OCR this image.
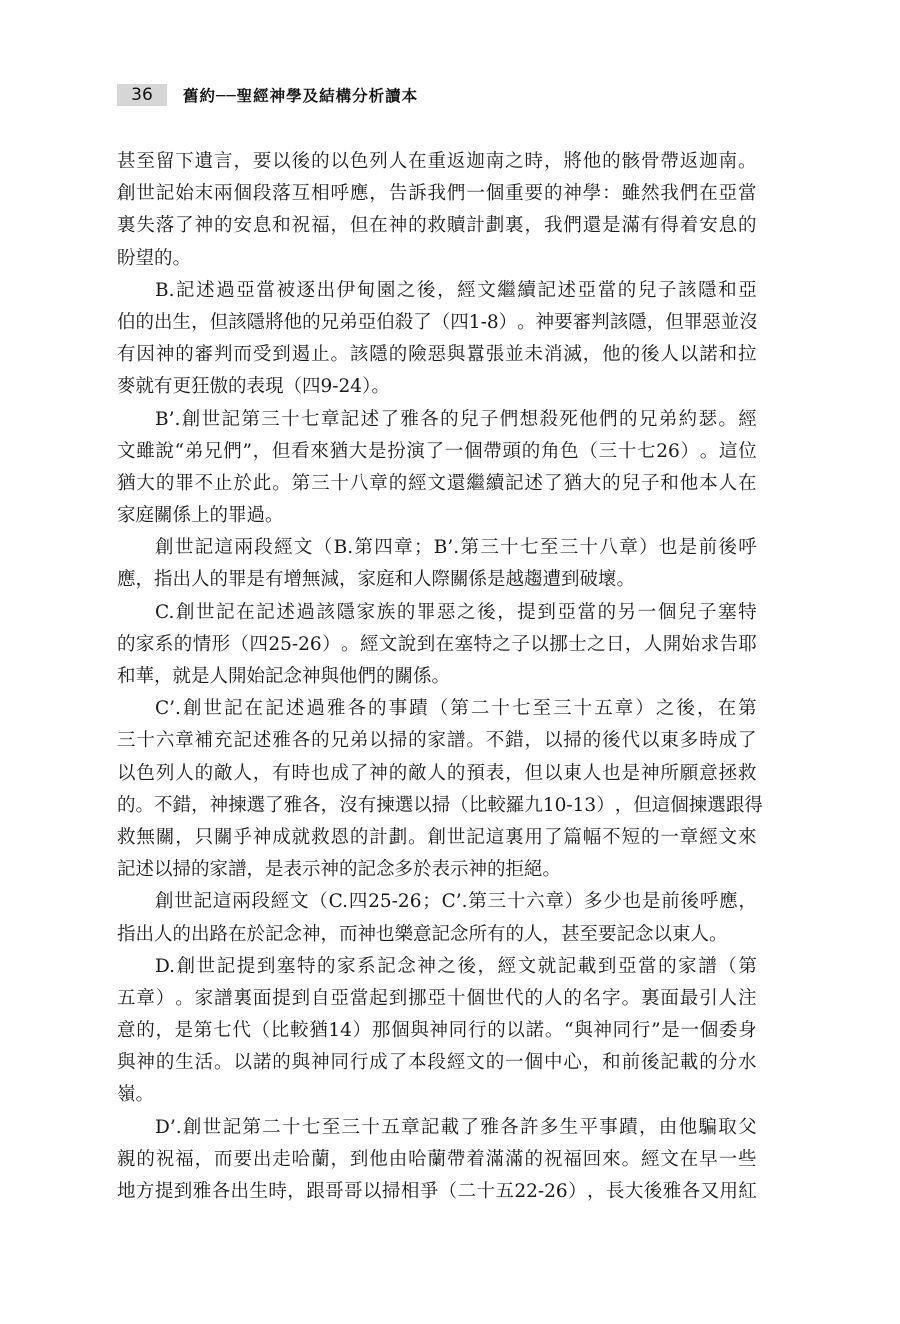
36	舊約──聖經神學及結構分析讀本
甚 至 留 下 遺 言 ， 要 以 後 的 以 色 列 人 在 重 返 迦 南 之 時 ， 將 他 的 骸 骨 帶 返 迦 南 。
創 世 記 始 末 兩 個 段 落 互 相 呼 應 ， 告 訴 我 們 一 個 重 要 的 神 學 ： 雖 然 我 們 在 亞 當
裏 失 落 了 神 的 安 息 和 祝 福 ， 但 在 神 的 救 贖 計 劃 裏 ， 我 們 還 是 滿 有 得 着 安 息 的
盼望的。
B. 記 述 過 亞 當 被 逐 出 伊 甸 園 之 後 ， 經 文 繼 續 記 述 亞 當 的 兒 子 該 隱 和 亞
伯 的 出 生 ， 但 該 隱 將 他 的 兄 弟 亞 伯 殺 了 （ 四 1-8 ） 。 神 要 審 判 該 隱 ， 但 罪 惡 並 沒
有 因 神 的 審 判 而 受 到 遏 止 。 該 隱 的 險 惡 與 囂 張 並 未 消 滅 ， 他 的 後 人 以 諾 和 拉
麥就有更狂傲的表現（四9-24）。
B’. 創 世 記 第 三 十 七 章 記 述 了 雅 各 的 兒 子 們 想 殺 死 他 們 的 兄 弟 約 瑟 。 經
文 雖 說 “ 弟 兄 們 ” ， 但 看 來 猶 大 是 扮 演 了 一 個 帶 頭 的 角 色 （ 三 十 七 26 ） 。 這 位
猶 大 的 罪 不 止 於 此 。 第 三 十 八 章 的 經 文 還 繼 續 記 述 了 猶 大 的 兒 子 和 他 本 人 在
家庭關係上的罪過。
創 世 記 這 兩 段 經 文 （ B. 第 四 章 ； B’. 第 三 十 七 至 三 十 八 章 ） 也 是 前 後 呼
應，指出人的罪是有增無減，家庭和人際關係是越趨遭到破壞。
C. 創 世 記 在 記 述 過 該 隱 家 族 的 罪 惡 之 後 ， 提 到 亞 當 的 另 一 個 兒 子 塞 特
的 家 系 的 情 形 （ 四 25-26 ） 。 經 文 說 到 在 塞 特 之 子 以 挪 士 之 日 ， 人 開 始 求 告 耶
和華，就是人開始記念神與他們的關係。
C’. 創 世 記 在 記 述 過 雅 各 的 事 蹟 （ 第 二 十 七 至 三 十 五 章 ） 之 後 ， 在 第
三 十 六 章 補 充 記 述 雅 各 的 兄 弟 以 掃 的 家 譜 。 不 錯 ， 以 掃 的 後 代 以 東 多 時 成 了
以 色 列 人 的 敵 人 ， 有 時 也 成 了 神 的 敵 人 的 預 表 ， 但 以 東 人 也 是 神 所 願 意 拯 救
的 。 不 錯 ， 神 揀 選 了 雅 各 ， 沒 有 揀 選 以 掃 （ 比 較 羅 九 10-13 ） ， 但 這 個 揀 選 跟 得
救 無 關 ， 只 關 乎 神 成 就 救 恩 的 計 劃 。 創 世 記 這 裏 用 了 篇 幅 不 短 的 一 章 經 文 來
記述以掃的家譜，是表示神的記念多於表示神的拒絕。
創 世 記 這 兩 段 經 文 （ C. 四 25-26 ； C’. 第 三 十 六 章 ） 多 少 也 是 前 後 呼 應 ，
指出人的出路在於記念神，而神也樂意記念所有的人，甚至要記念以東人。
D. 創 世 記 提 到 塞 特 的 家 系 記 念 神 之 後 ， 經 文 就 記 載 到 亞 當 的 家 譜 （ 第
五 章 ） 。 家 譜 裏 面 提 到 自 亞 當 起 到 挪 亞 十 個 世 代 的 人 的 名 字 。 裏 面 最 引 人 注
意 的 ， 是 第 七 代 （ 比 較 猶 14 ） 那 個 與 神 同 行 的 以 諾 。 “ 與 神 同 行 ” 是 一 個 委 身
與 神 的 生 活 。 以 諾 的 與 神 同 行 成 了 本 段 經 文 的 一 個 中 心 ， 和 前 後 記 載 的 分 水
嶺。
D’. 創 世 記 第 二 十 七 至 三 十 五 章 記 載 了 雅 各 許 多 生 平 事 蹟 ， 由 他 騙 取 父
親 的 祝 福 ， 而 要 出 走 哈 蘭 ， 到 他 由 哈 蘭 帶 着 滿 滿 的 祝 福 回 來 。 經 文 在 早 一 些
地 方 提 到 雅 各 出 生 時 ， 跟 哥 哥 以 掃 相 爭 （ 二 十 五 22-26 ） ， 長 大 後 雅 各 又 用 紅
